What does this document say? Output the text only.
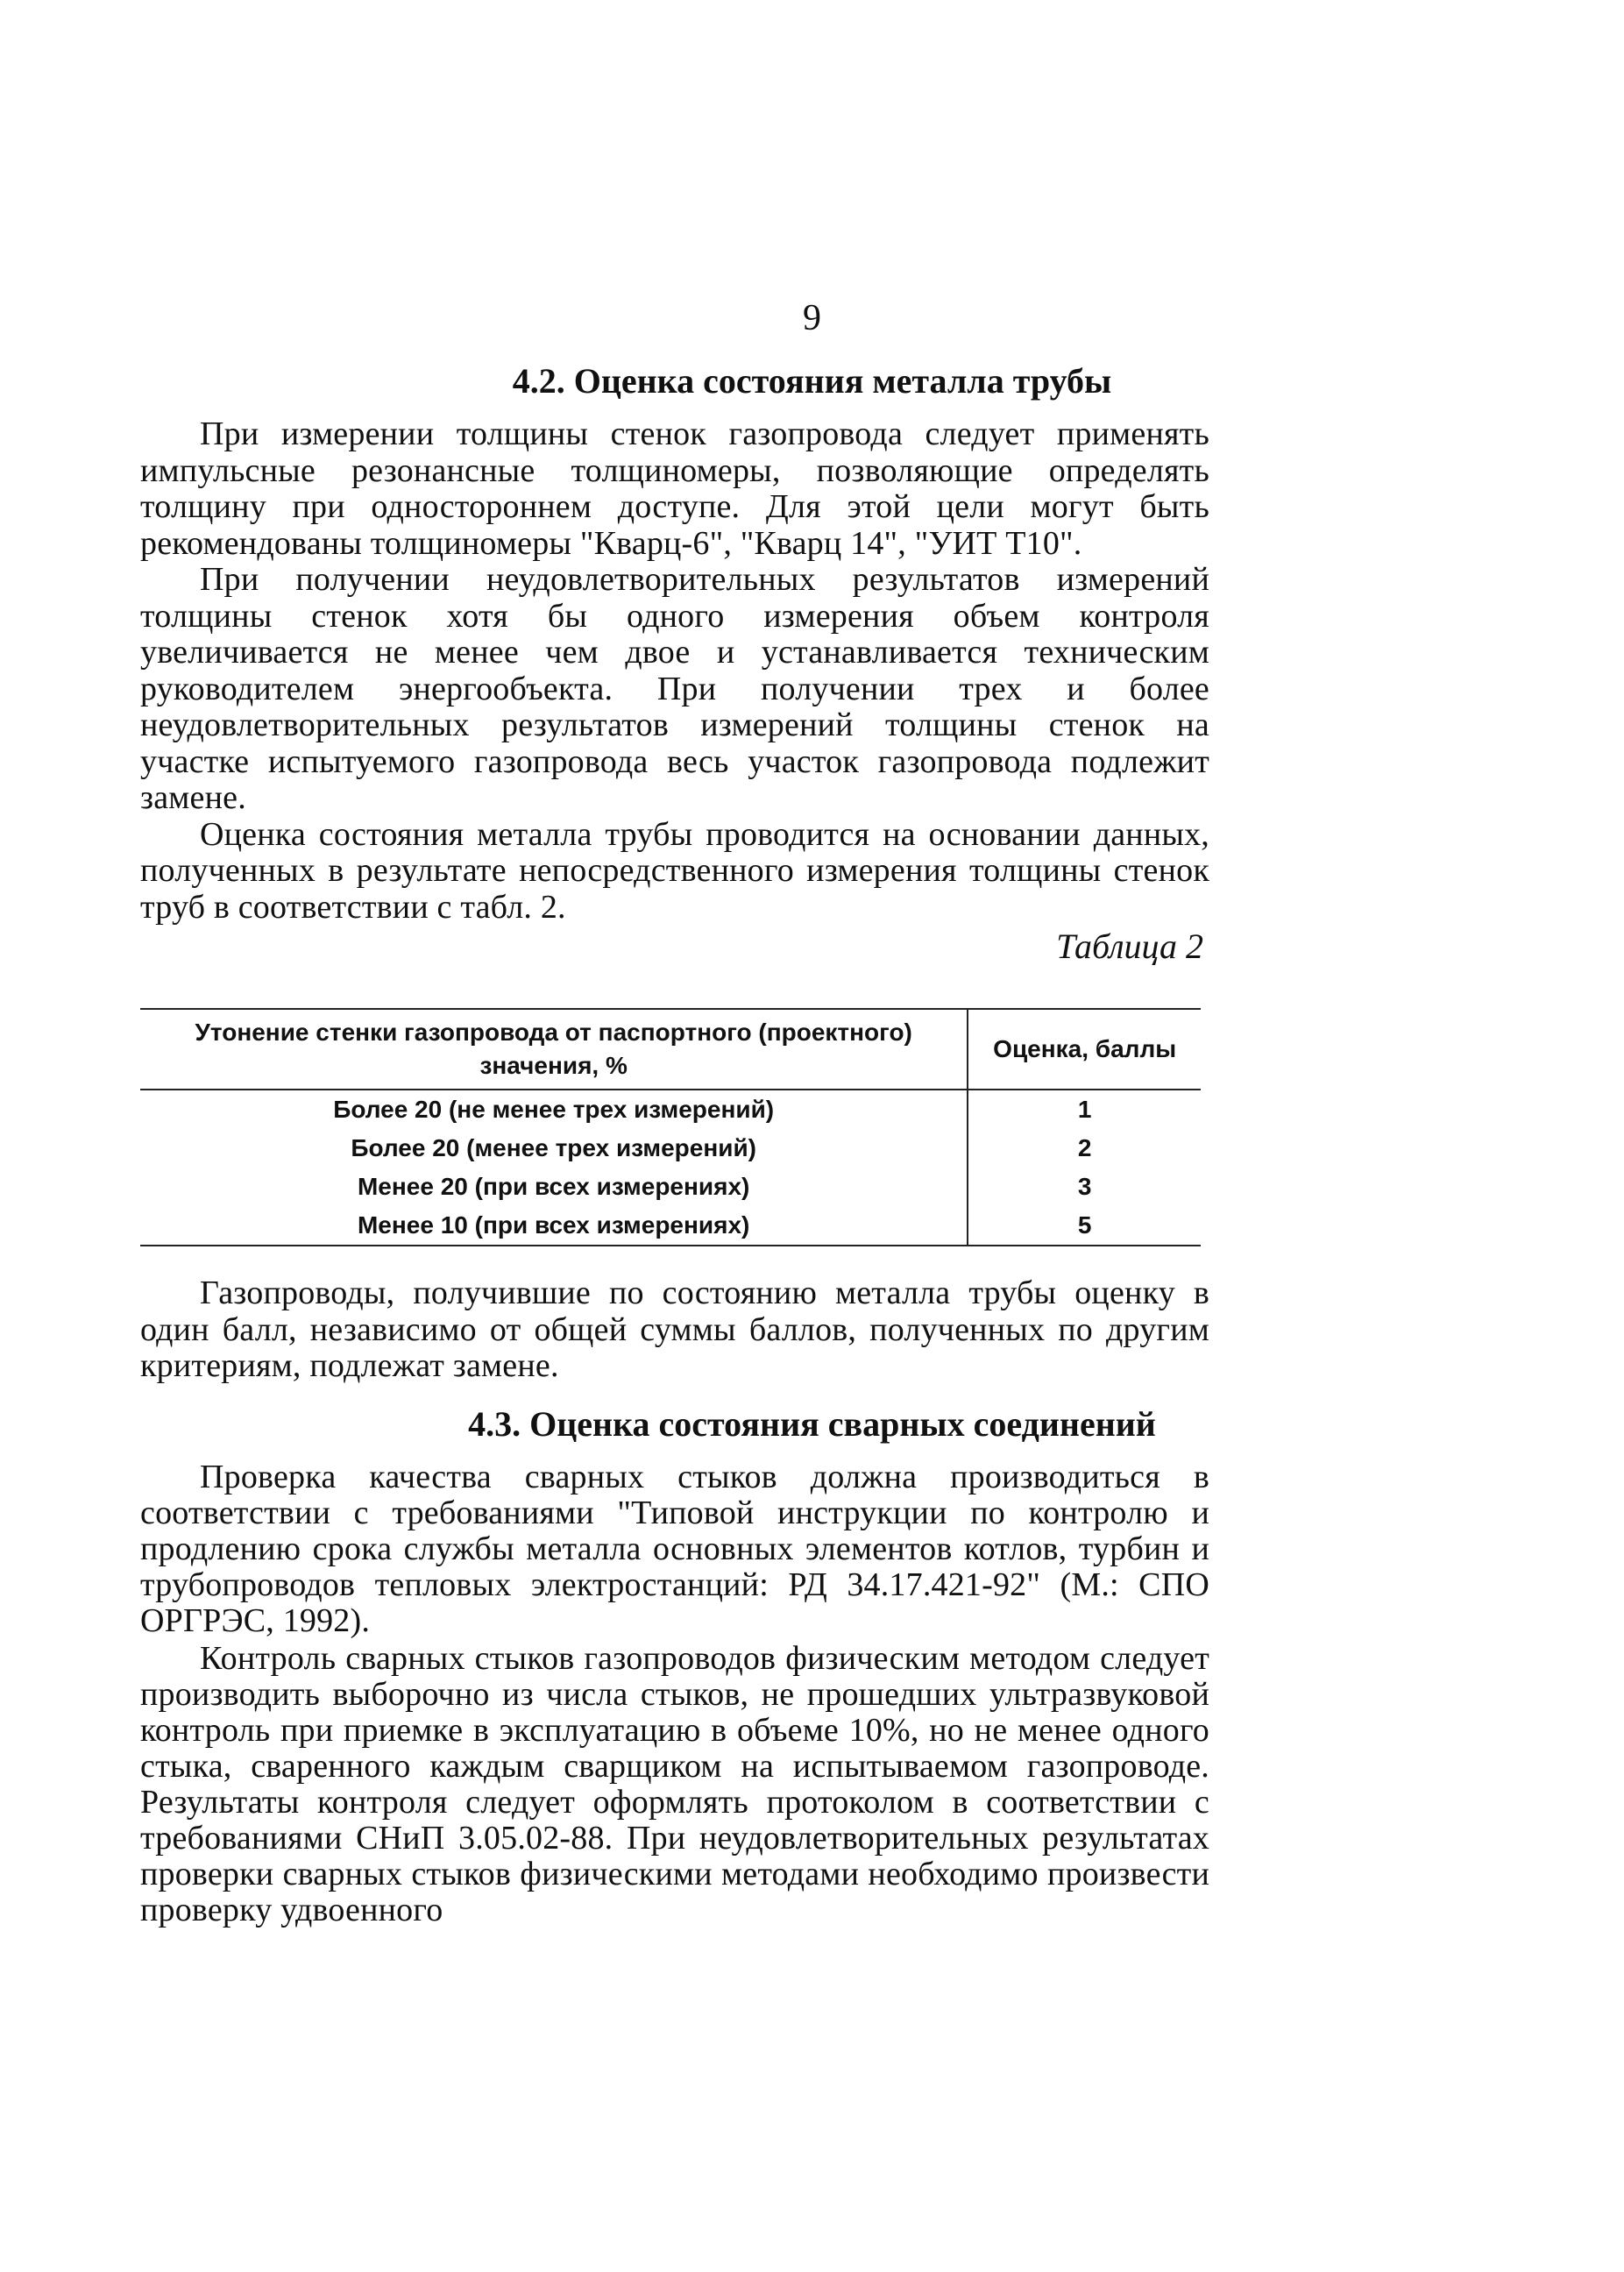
9
4.2. Оценка состояния металла трубы

При измерении толщины стенок газопровода следует применять импульсные резонансные толщиномеры, позволяющие определять толщину при одностороннем доступе. Для этой цели могут быть рекомендованы толщиномеры "Кварц-6", "Кварц 14", "УИТ Т10".

При получении неудовлетворительных результатов измерений толщины стенок хотя бы одного измерения объем контроля увеличивается не менее чем двое и устанавливается техническим руководителем энергообъекта. При получении трех и более неудовлетворительных результатов измерений толщины стенок на участке испытуемого газопровода весь участок газопровода подлежит замене.

Оценка состояния металла трубы проводится на основании данных, полученных в результате непосредственного измерения толщины стенок труб в соответствии с табл. 2.

Таблица 2
Утонение стенки газопровода от паспортного (проектного) значения, %	Оценка, баллы
Более 20 (не менее трех измерений)	1
Более 20 (менее трех измерений)	2
Менее 20 (при всех измерениях)	3
Менее 10 (при всех измерениях)	5

Газопроводы, получившие по состоянию металла трубы оценку в один балл, независимо от общей суммы баллов, полученных по другим критериям, подлежат замене.

4.3. Оценка состояния сварных соединений

Проверка качества сварных стыков должна производиться в соответствии с требованиями "Типовой инструкции по контролю и продлению срока службы металла основных элементов котлов, турбин и трубопроводов тепловых электростанций: РД 34.17.421-92" (М.: СПО ОРГРЭС, 1992).

Контроль сварных стыков газопроводов физическим методом следует производить выборочно из числа стыков, не прошедших ультразвуковой контроль при приемке в эксплуатацию в объеме 10%, но не менее одного стыка, сваренного каждым сварщиком на испытываемом газопроводе. Результаты контроля следует оформлять протоколом в соответствии с требованиями СНиП 3.05.02-88. При неудовлетворительных результатах проверки сварных стыков физическими методами необходимо произвести проверку удвоенного
